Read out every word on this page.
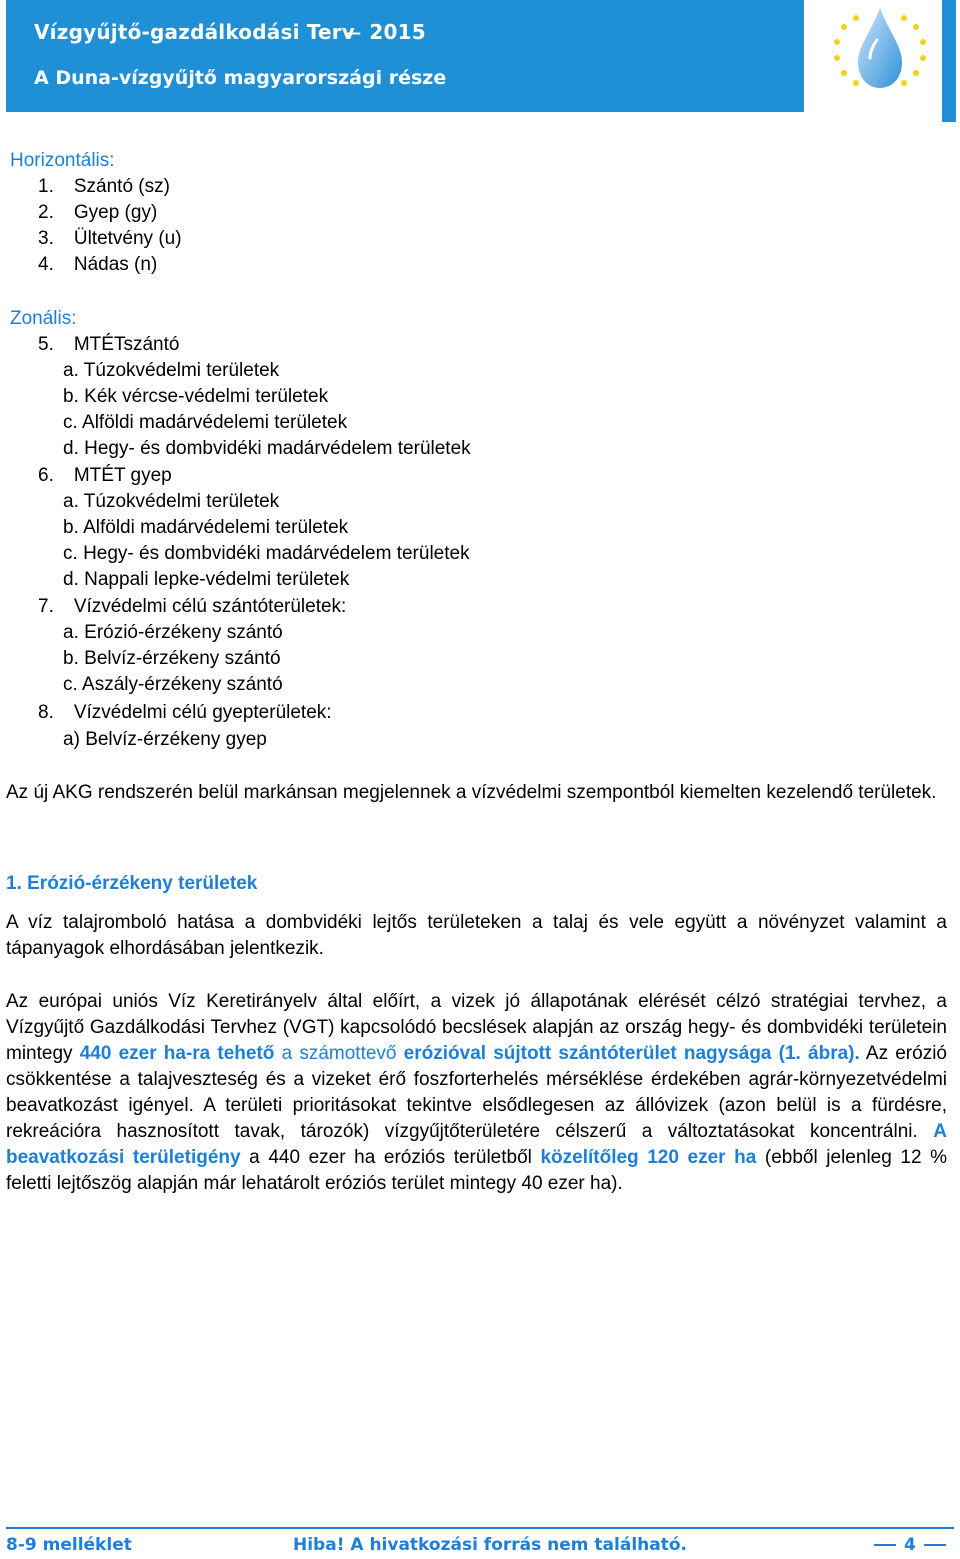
Vízgyűjtő-gazdálkodási Terv ̶ 2015
A Duna-vízgyűjtő magyarországi része
Horizontális:
1. Szántó (sz)
2. Gyep (gy)
3. Ültetvény (u)
4. Nádas (n)
Zonális:
5. MTÉTszántó
a. Túzokvédelmi területek
b. Kék vércse-védelmi területek
c. Alföldi madárvédelemi területek
d. Hegy- és dombvidéki madárvédelem területek
6. MTÉT gyep
a. Túzokvédelmi területek
b. Alföldi madárvédelemi területek
c. Hegy- és dombvidéki madárvédelem területek
d. Nappali lepke-védelmi területek
7. Vízvédelmi célú szántóterületek:
a. Erózió-érzékeny szántó
b. Belvíz-érzékeny szántó
c. Aszály-érzékeny szántó
8. Vízvédelmi célú gyepterületek:
a) Belvíz-érzékeny gyep
Az új AKG rendszerén belül markánsan megjelennek a vízvédelmi szempontból kiemelten kezelendő területek.
1. Erózió-érzékeny területek
A víz talajromboló hatása a dombvidéki lejtős területeken a talaj és vele együtt a növényzet valamint a tápanyagok elhordásában jelentkezik.
Az európai uniós Víz Keretirányelv által előírt, a vizek jó állapotának elérését célzó stratégiai tervhez, a Vízgyűjtő Gazdálkodási Tervhez (VGT) kapcsolódó becslések alapján az ország hegy- és dombvidéki területein mintegy 440 ezer ha-ra tehető a számottevő erózióval sújtott szántóterület nagysága (1. ábra). Az erózió csökkentése a talajveszteség és a vizeket érő foszforterhelés mérséklése érdekében agrár-környezetvédelmi beavatkozást igényel. A területi prioritásokat tekintve elsődlegesen az állóvizek (azon belül is a fürdésre, rekreációra hasznosított tavak, tározók) vízgyűjtőterületére célszerű a változtatásokat koncentrálni. A beavatkozási területigény a 440 ezer ha eróziós területből közelítőleg 120 ezer ha (ebből jelenleg 12 % feletti lejtőszög alapján már lehatárolt eróziós terület mintegy 40 ezer ha).
8-9 melléklet	Hiba! A hivatkozási forrás nem található.	4
